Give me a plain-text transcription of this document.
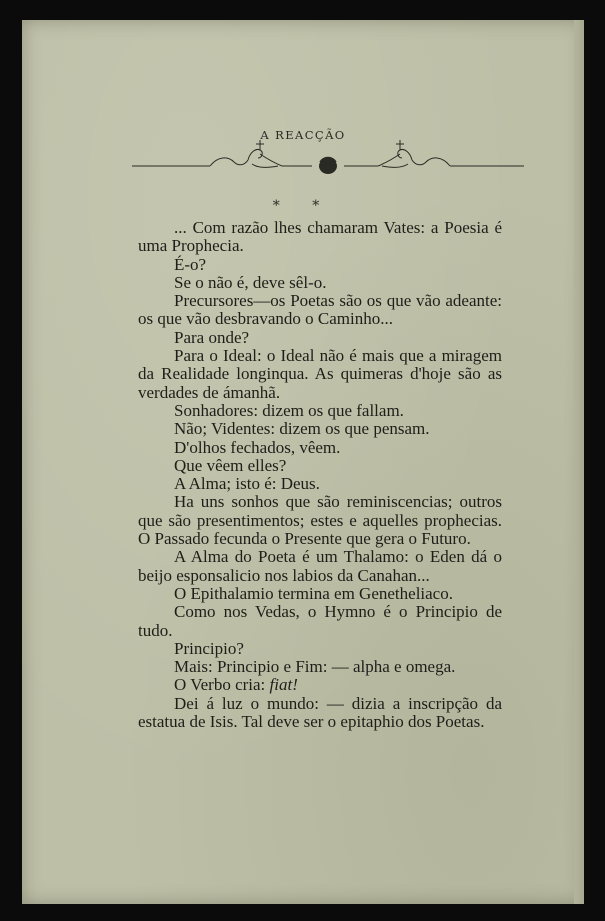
A REACÇÃO
* *

... Com razão lhes chamaram Vates: a Poesia é uma Prophecia.

É-o?

Se o não é, deve sêl-o.

Precursores—os Poetas são os que vão adeante: os que vão desbravando o Caminho...

Para onde?

Para o Ideal: o Ideal não é mais que a miragem da Realidade longinqua. As quimeras d'hoje são as verdades de ámanhã.

Sonhadores: dizem os que fallam.

Não; Videntes: dizem os que pensam.

D'olhos fechados, vêem.

Que vêem elles?

A Alma; isto é: Deus.

Ha uns sonhos que são reminiscencias; outros que são presentimentos; estes e aquelles prophecias. O Passado fecunda o Presente que gera o Futuro.

A Alma do Poeta é um Thalamo: o Eden dá o beijo esponsalicio nos labios da Canahan...

O Epithalamio termina em Genetheliaco.

Como nos Vedas, o Hymno é o Principio de tudo.

Principio?

Mais: Principio e Fim: — alpha e omega.

O Verbo cria: fiat!

Dei á luz o mundo: — dizia a inscripção da estatua de Isis. Tal deve ser o epitaphio dos Poetas.
